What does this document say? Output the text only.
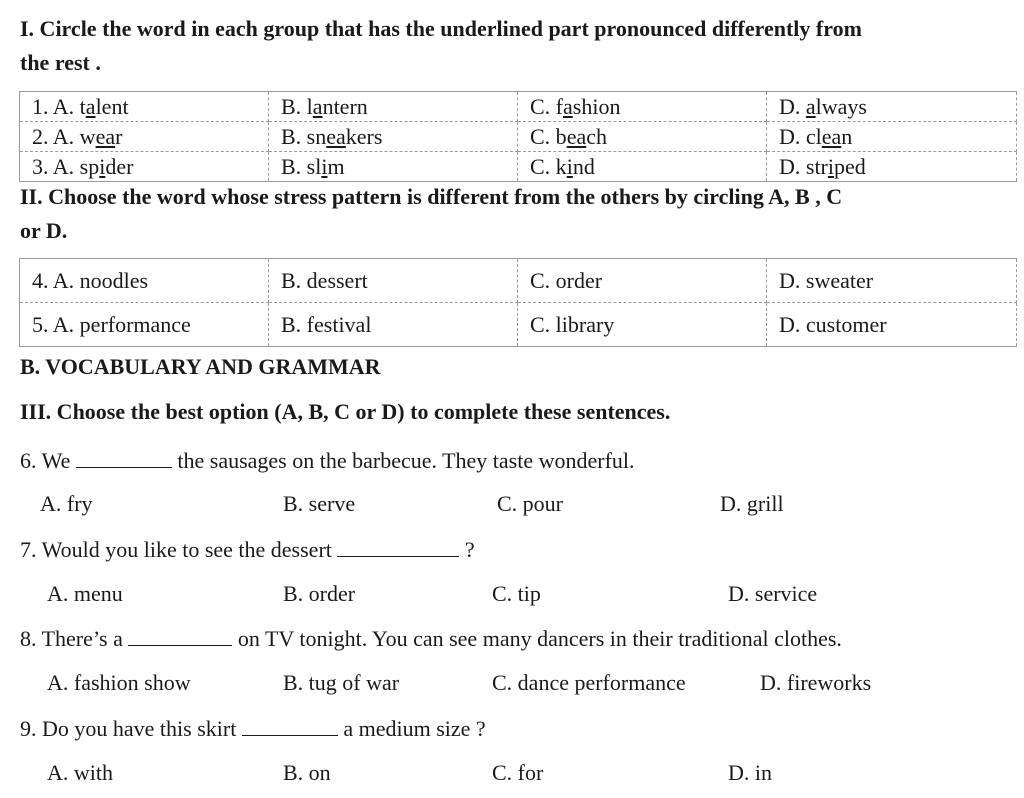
I. Circle the word in each group that has the underlined part pronounced differently from
the rest .
1. A. talent	B. lantern	C. fashion	D. always
2. A. wear	B. sneakers	C. beach	D. clean
3. A. spider	B. slim	C. kind	D. striped
II. Choose the word whose stress pattern is different from the others by circling A, B , C
or D.
4. A. noodles	B. dessert	C. order	D. sweater
5. A. performance	B. festival	C. library	D. customer
B. VOCABULARY AND GRAMMAR
III. Choose the best option (A, B, C or D) to complete these sentences.
6. We	the sausages on the barbecue. They taste wonderful.
A. fry	B. serve	C. pour	D. grill
7. Would you like to see the dessert	?
A. menu	B. order	C. tip	D. service
8. There’s a	on TV tonight. You can see many dancers in their traditional clothes.
A. fashion show	B. tug of war	C. dance performance	D. fireworks
9. Do you have this skirt	a medium size ?
A. with	B. on	C. for	D. in
